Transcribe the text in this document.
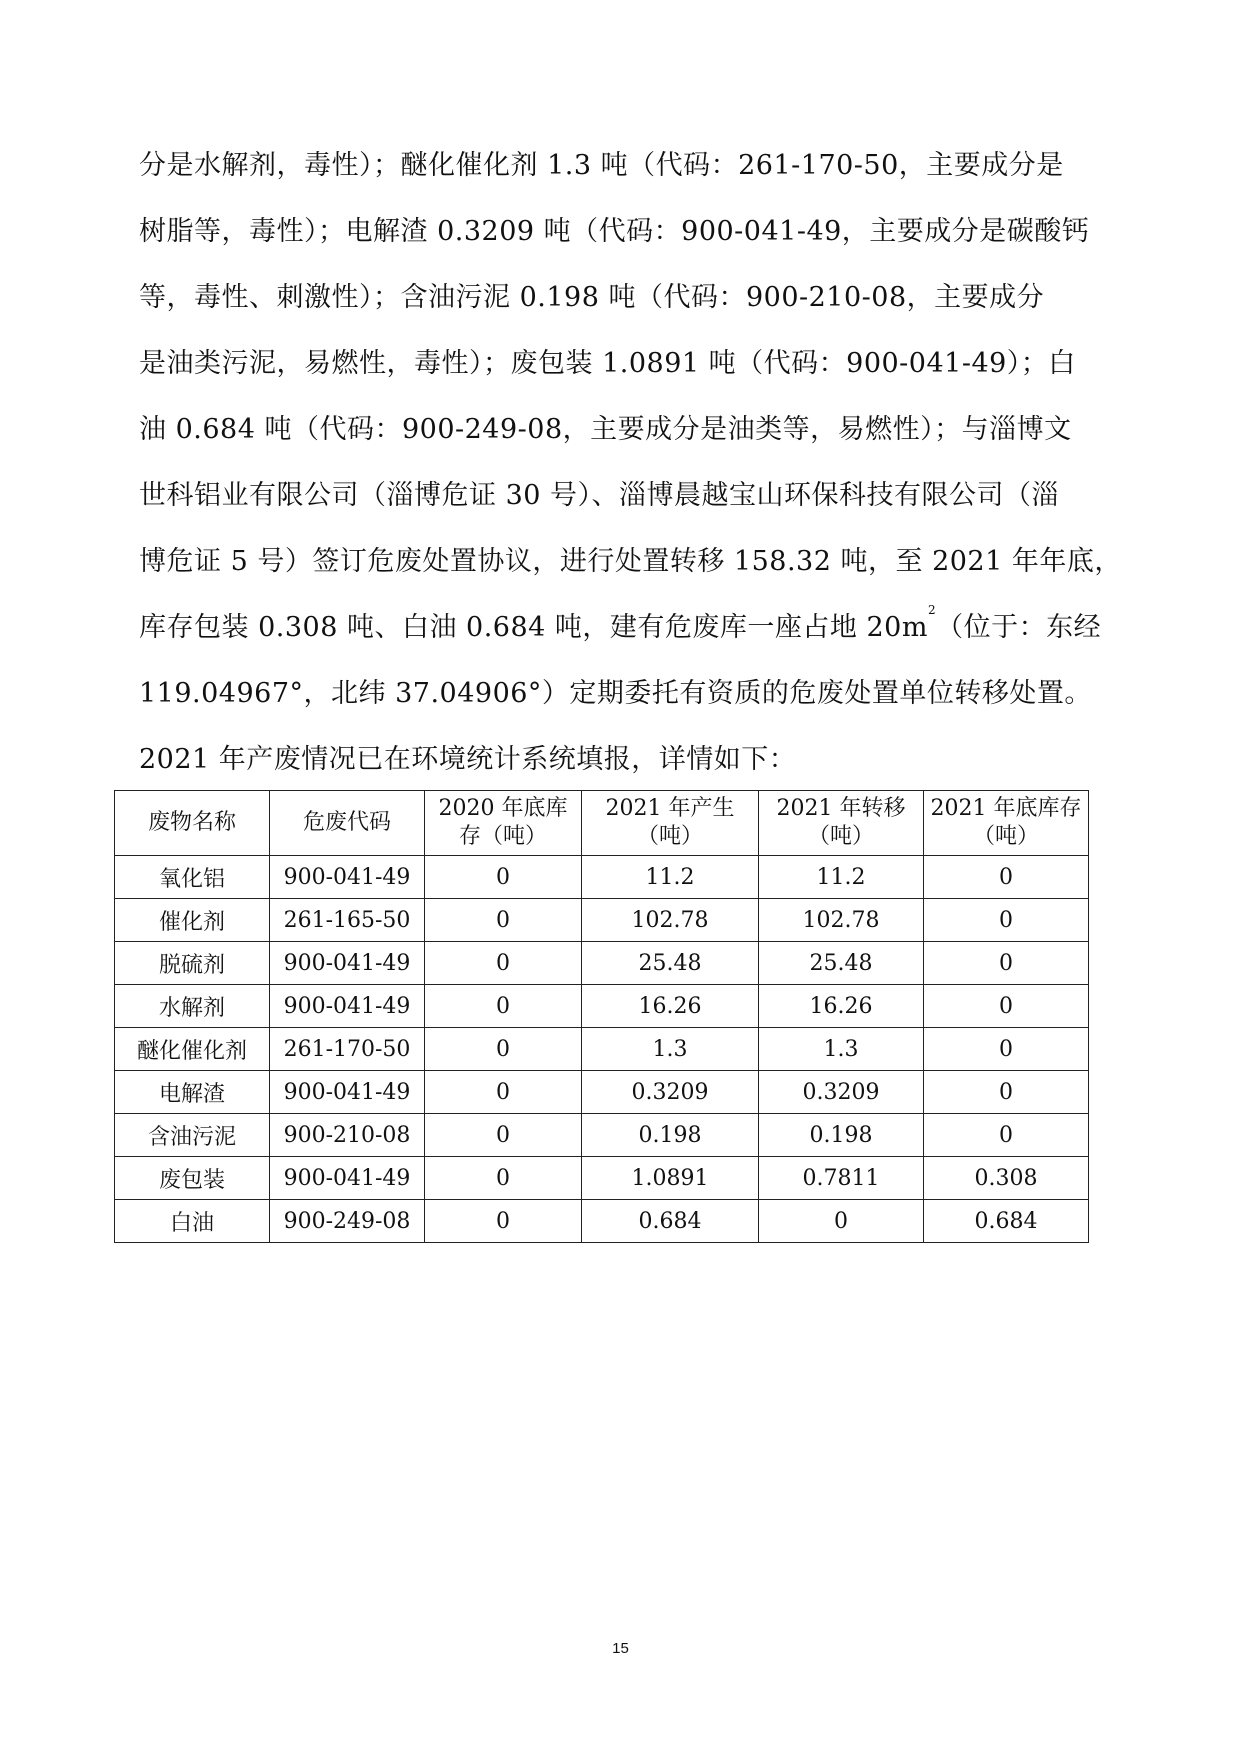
分是水解剂，毒性）；醚化催化剂 1.3 吨（代码：261-170-50，主要成分是
树脂等，毒性）；电解渣 0.3209 吨（代码：900-041-49，主要成分是碳酸钙
等，毒性、刺激性）；含油污泥 0.198 吨（代码：900-210-08，主要成分
是油类污泥，易燃性，毒性）；废包装 1.0891 吨（代码：900-041-49）；白
油 0.684 吨（代码：900-249-08，主要成分是油类等，易燃性）；与淄博文
世科铝业有限公司（淄博危证 30 号）、淄博晨越宝山环保科技有限公司（淄
博危证 5 号）签订危废处置协议，进行处置转移 158.32 吨，至 2021 年年底，
库存包装 0.308 吨、白油 0.684 吨，建有危废库一座占地 $20m^2$（位于：东经
119.04967°，北纬 37.04906°）定期委托有资质的危废处置单位转移处置。
2021 年产废情况已在环境统计系统填报，详情如下：
废物名称	危废代码	2020 年底库存（吨）	2021 年产生（吨）	2021 年转移（吨）	2021 年底库存（吨）
氧化铝	900-041-49	0	11.2	11.2	0
催化剂	261-165-50	0	102.78	102.78	0
脱硫剂	900-041-49	0	25.48	25.48	0
水解剂	900-041-49	0	16.26	16.26	0
醚化催化剂	261-170-50	0	1.3	1.3	0
电解渣	900-041-49	0	0.3209	0.3209	0
含油污泥	900-210-08	0	0.198	0.198	0
废包装	900-041-49	0	1.0891	0.7811	0.308
白油	900-249-08	0	0.684	0	0.684
15
